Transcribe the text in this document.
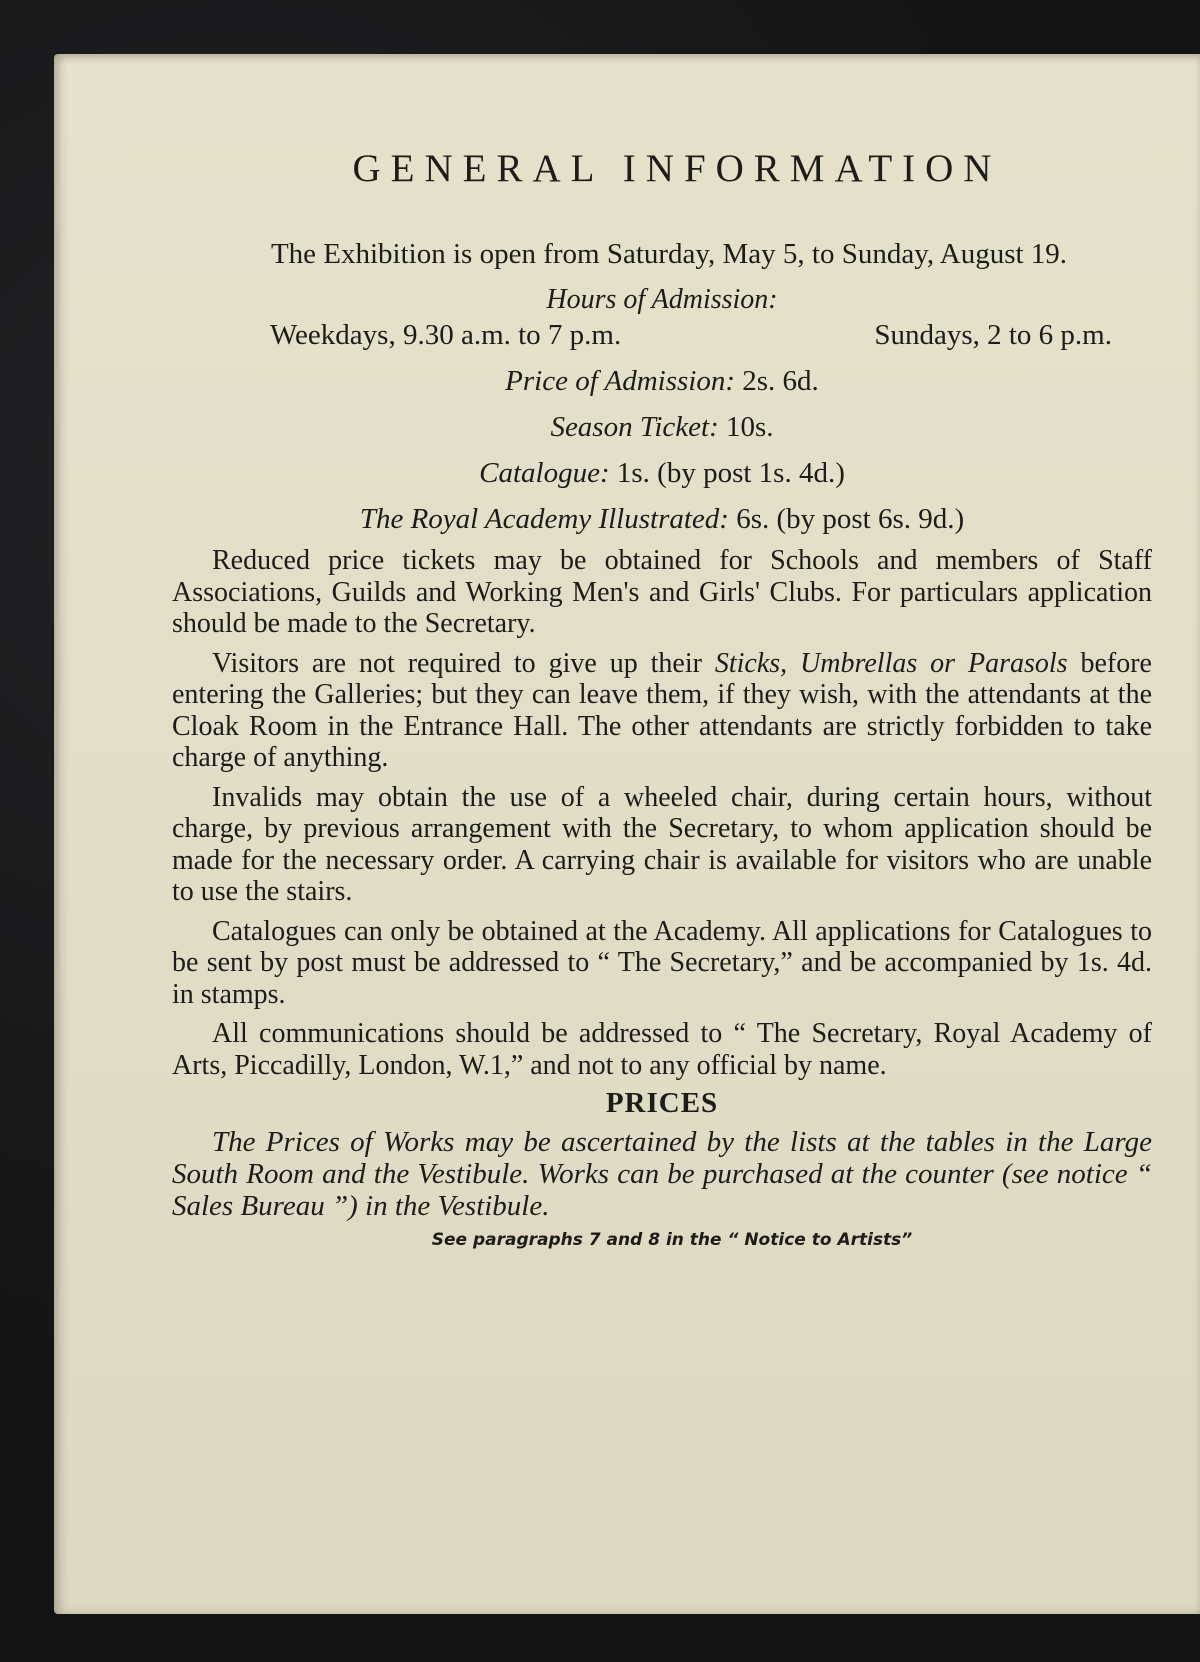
GENERAL INFORMATION

The Exhibition is open from Saturday, May 5, to Sunday, August 19.

Hours of Admission:

Weekdays, 9.30 a.m. to 7 p.m.	Sundays, 2 to 6 p.m.

Price of Admission: 2s. 6d.

Season Ticket: 10s.

Catalogue: 1s. (by post 1s. 4d.)

The Royal Academy Illustrated: 6s. (by post 6s. 9d.)

Reduced price tickets may be obtained for Schools and members of Staff Associations, Guilds and Working Men's and Girls' Clubs. For particulars application should be made to the Secretary.

Visitors are not required to give up their Sticks, Umbrellas or Parasols before entering the Galleries; but they can leave them, if they wish, with the attendants at the Cloak Room in the Entrance Hall. The other attendants are strictly forbidden to take charge of anything.

Invalids may obtain the use of a wheeled chair, during certain hours, without charge, by previous arrangement with the Secretary, to whom application should be made for the necessary order. A carrying chair is available for visitors who are unable to use the stairs.

Catalogues can only be obtained at the Academy. All applications for Catalogues to be sent by post must be addressed to “ The Secretary,” and be accompanied by 1s. 4d. in stamps.

All communications should be addressed to “ The Secretary, Royal Academy of Arts, Piccadilly, London, W.1,” and not to any official by name.

PRICES

The Prices of Works may be ascertained by the lists at the tables in the Large South Room and the Vestibule. Works can be purchased at the counter (see notice “ Sales Bureau ”) in the Vestibule.

See paragraphs 7 and 8 in the “ Notice to Artists”
